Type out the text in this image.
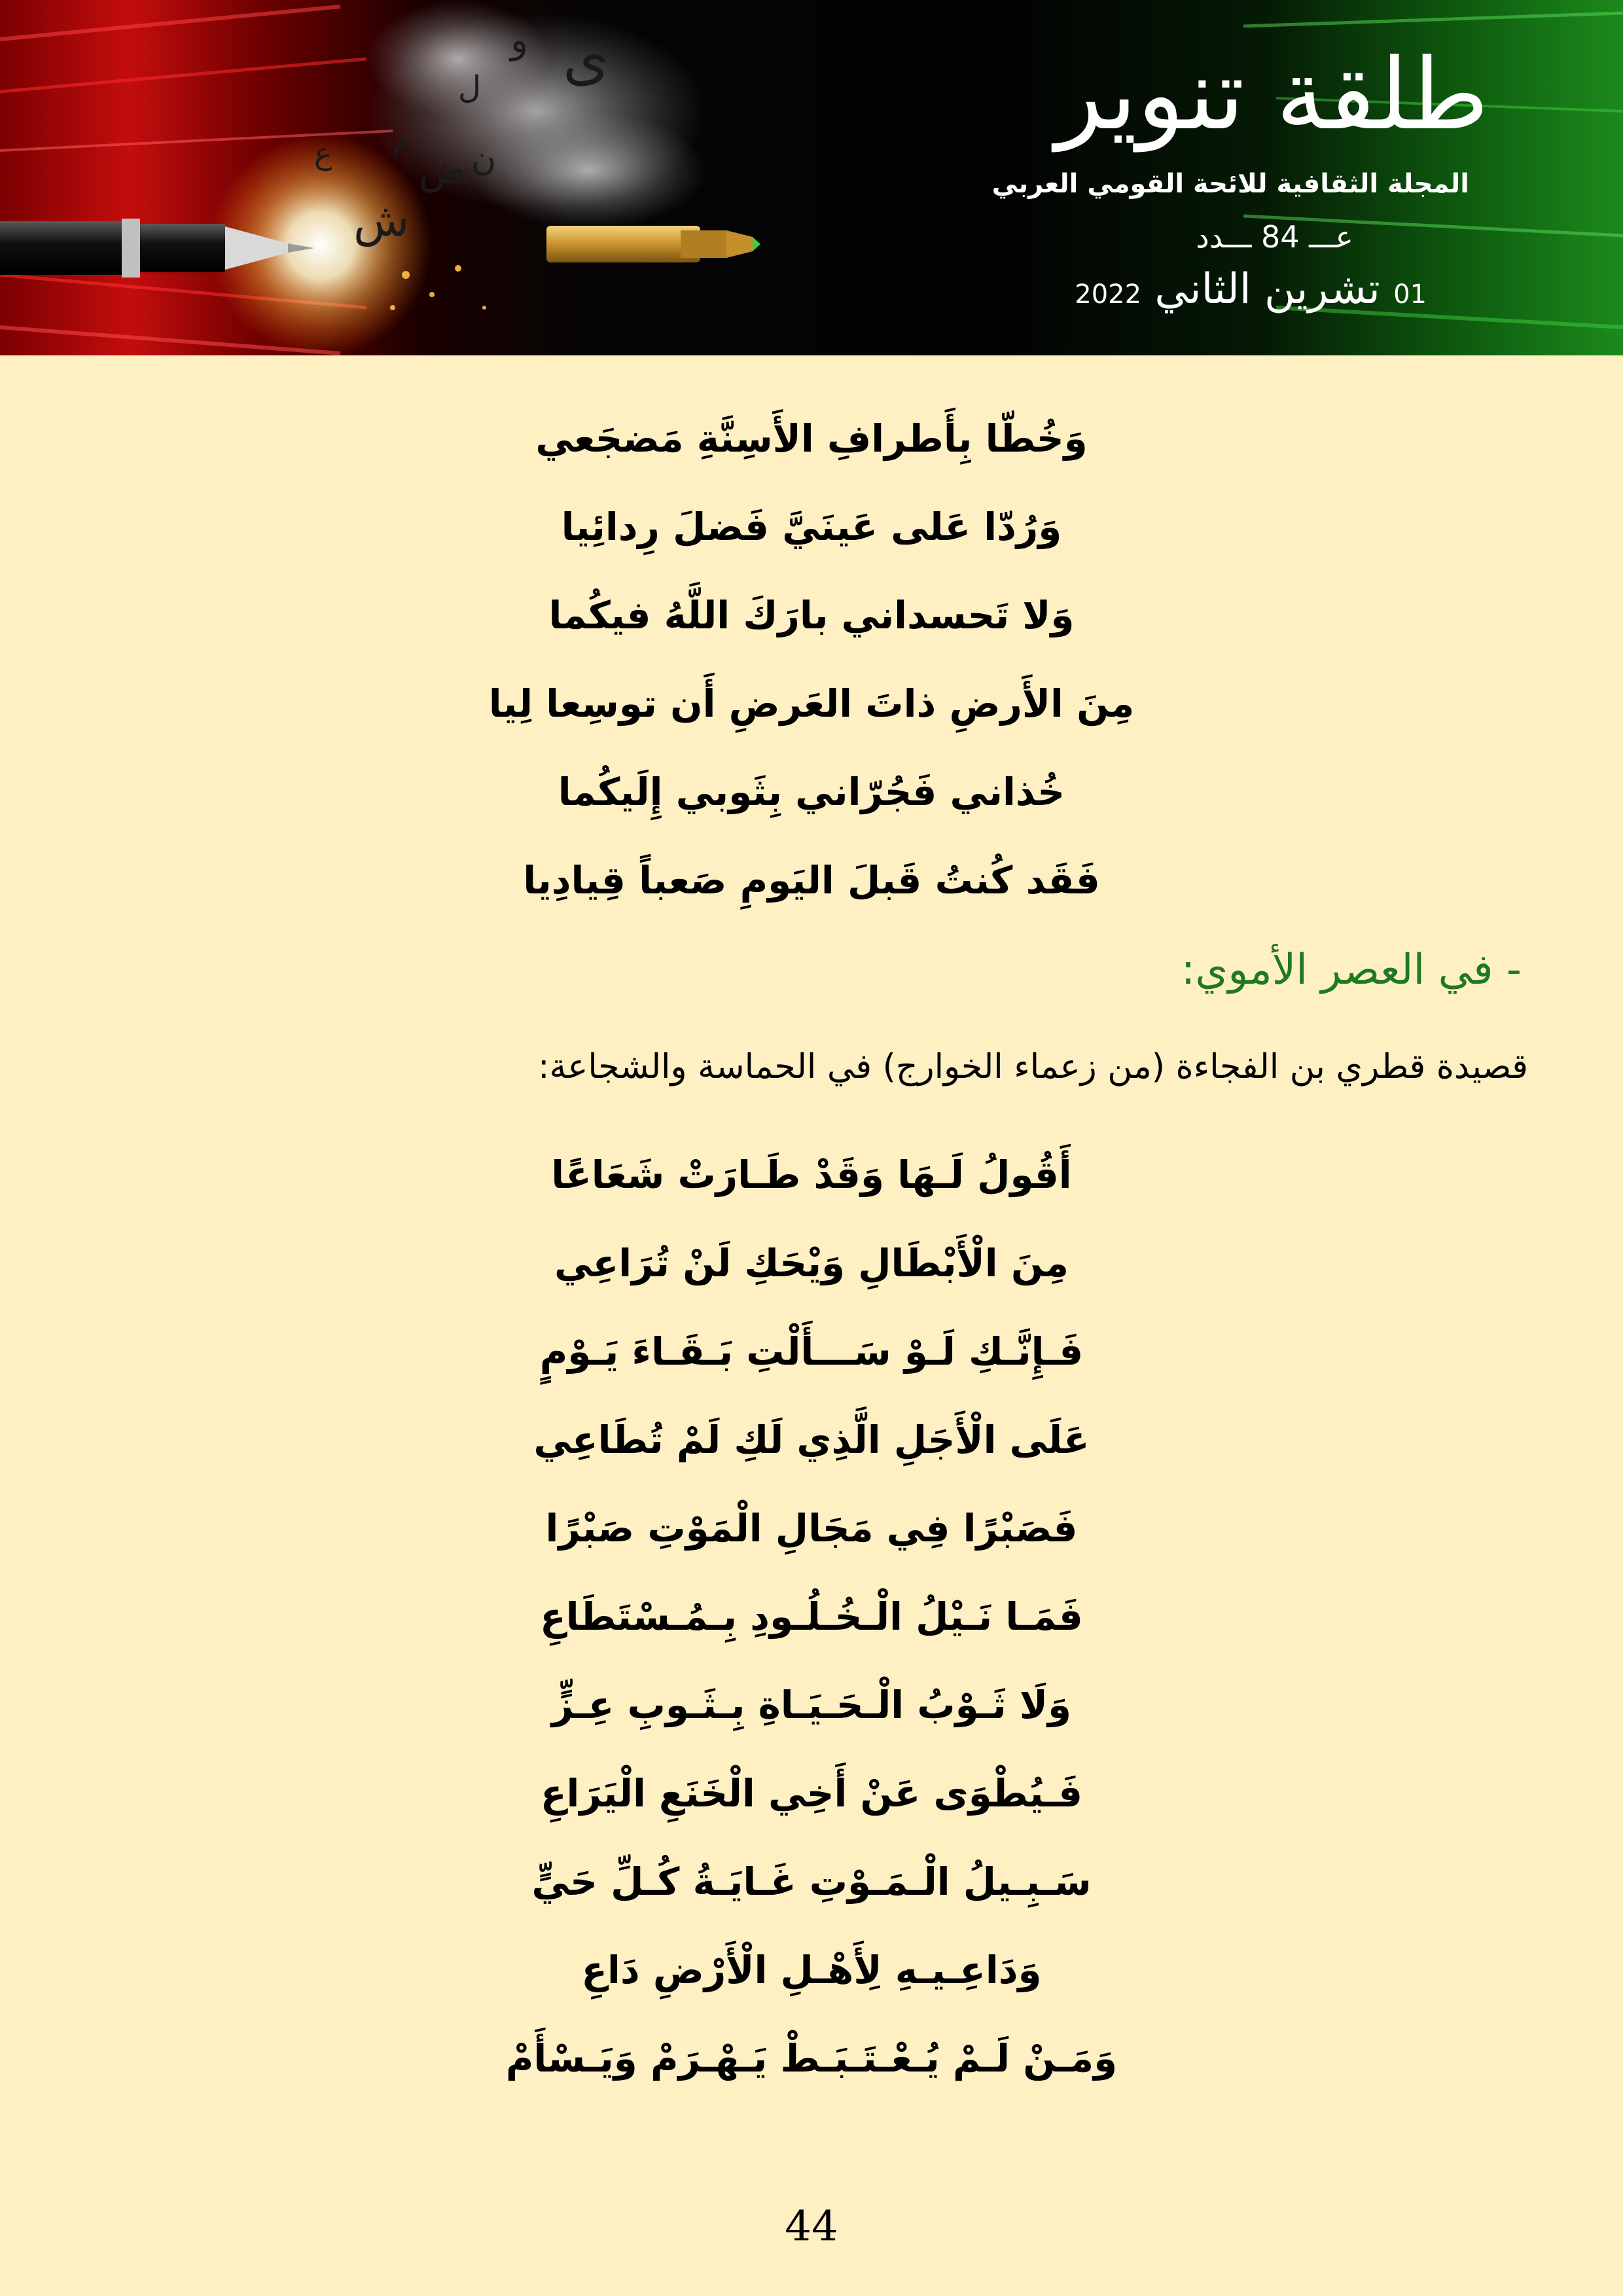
ى
و
ل
ض
ش
م ن
ع
طلقة تنوير

المجلة الثقافية للائحة القومي العربي

عـــ 84 ـــدد
01 تشرين الثاني 2022
وَخُطّا بِأَطرافِ الأَسِنَّةِ مَضجَعي
وَرُدّا عَلى عَينَيَّ فَضلَ رِدائِيا
وَلا تَحسداني بارَكَ اللَّهُ فيكُما
مِنَ الأَرضِ ذاتَ العَرضِ أَن توسِعا لِيا
خُذاني فَجُرّاني بِثَوبي إِلَيكُما
فَقَد كُنتُ قَبلَ اليَومِ صَعباً قِيادِيا
- في العصر الأموي:

قصيدة قطري بن الفجاءة (من زعماء الخوارج) في الحماسة والشجاعة:

أَقُولُ لَـهَا وَقَدْ طَـارَتْ شَعَاعًا
مِنَ الْأَبْطَالِ وَيْحَكِ لَنْ تُرَاعِي
فَـإِنَّـكِ لَـوْ سَـــأَلْتِ بَـقَـاءَ يَـوْمٍ
عَلَى الْأَجَلِ الَّذِي لَكِ لَمْ تُطَاعِي
فَصَبْرًا فِي مَجَالِ الْمَوْتِ صَبْرًا
فَمَـا نَـيْلُ الْـخُـلُـودِ بِـمُـسْتَطَاعِ
وَلَا ثَـوْبُ الْـحَـيَـاةِ بِـثَـوبِ عِـزٍّ
فَـيُطْوَى عَنْ أَخِي الْخَنَعِ الْيَرَاعِ
سَـبِـيلُ الْـمَـوْتِ غَـايَـةُ كُـلِّ حَيٍّ
وَدَاعِـيـهِ لِأَهْـلِ الْأَرْضِ دَاعِ
وَمَـنْ لَـمْ يُـعْـتَـبَـطْ يَـهْـرَمْ وَيَـسْأَمْ
44
